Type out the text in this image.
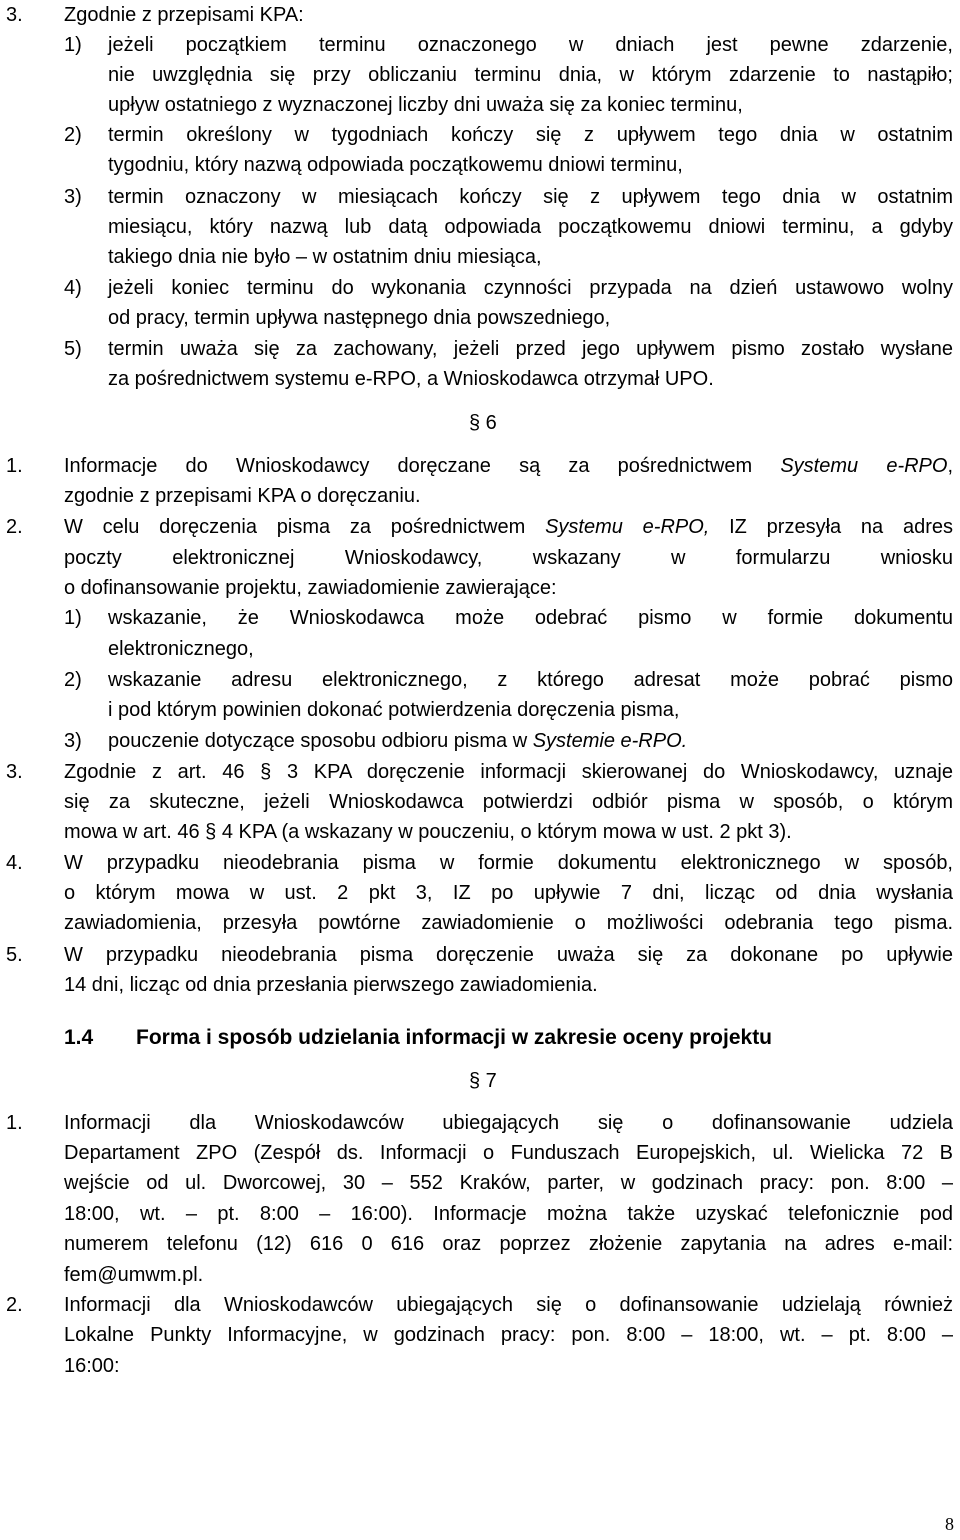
3. Zgodnie z przepisami KPA:
1) jeżeli początkiem terminu oznaczonego w dniach jest pewne zdarzenie,
nie uwzględnia się przy obliczaniu terminu dnia, w którym zdarzenie to nastąpiło;
upływ ostatniego z wyznaczonej liczby dni uważa się za koniec terminu,
2) termin określony w tygodniach kończy się z upływem tego dnia w ostatnim
tygodniu, który nazwą odpowiada początkowemu dniowi terminu,
3) termin oznaczony w miesiącach kończy się z upływem tego dnia w ostatnim
miesiącu, który nazwą lub datą odpowiada początkowemu dniowi terminu, a gdyby
takiego dnia nie było – w ostatnim dniu miesiąca,
4) jeżeli koniec terminu do wykonania czynności przypada na dzień ustawowo wolny
od pracy, termin upływa następnego dnia powszedniego,
5) termin uważa się za zachowany, jeżeli przed jego upływem pismo zostało wysłane
za pośrednictwem systemu e-RPO, a Wnioskodawca otrzymał UPO.
§ 6
1. Informacje do Wnioskodawcy doręczane są za pośrednictwem Systemu e-RPO,
zgodnie z przepisami KPA o doręczaniu.
2. W celu doręczenia pisma za pośrednictwem Systemu e-RPO, IZ przesyła na adres
poczty elektronicznej Wnioskodawcy, wskazany w formularzu wniosku
o dofinansowanie projektu, zawiadomienie zawierające:
1) wskazanie, że Wnioskodawca może odebrać pismo w formie dokumentu
elektronicznego,
2) wskazanie adresu elektronicznego, z którego adresat może pobrać pismo
i pod którym powinien dokonać potwierdzenia doręczenia pisma,
3) pouczenie dotyczące sposobu odbioru pisma w Systemie e-RPO.
3. Zgodnie z art. 46 § 3 KPA doręczenie informacji skierowanej do Wnioskodawcy, uznaje
się za skuteczne, jeżeli Wnioskodawca potwierdzi odbiór pisma w sposób, o którym
mowa w art. 46 § 4 KPA (a wskazany w pouczeniu, o którym mowa w ust. 2 pkt 3).
4. W przypadku nieodebrania pisma w formie dokumentu elektronicznego w sposób,
o którym mowa w ust. 2 pkt 3, IZ po upływie 7 dni, licząc od dnia wysłania
zawiadomienia, przesyła powtórne zawiadomienie o możliwości odebrania tego pisma.
5. W przypadku nieodebrania pisma doręczenie uważa się za dokonane po upływie
14 dni, licząc od dnia przesłania pierwszego zawiadomienia.
1.4 Forma i sposób udzielania informacji w zakresie oceny projektu
§ 7
1. Informacji dla Wnioskodawców ubiegających się o dofinansowanie udziela
Departament ZPO (Zespół ds. Informacji o Funduszach Europejskich, ul. Wielicka 72 B
wejście od ul. Dworcowej, 30 – 552 Kraków, parter, w godzinach pracy: pon. 8:00 –
18:00, wt. – pt. 8:00 – 16:00). Informacje można także uzyskać telefonicznie pod
numerem telefonu (12) 616 0 616 oraz poprzez złożenie zapytania na adres e-mail:
fem@umwm.pl.
2. Informacji dla Wnioskodawców ubiegających się o dofinansowanie udzielają również
Lokalne Punkty Informacyjne, w godzinach pracy: pon. 8:00 – 18:00, wt. – pt. 8:00 –
16:00:
8
